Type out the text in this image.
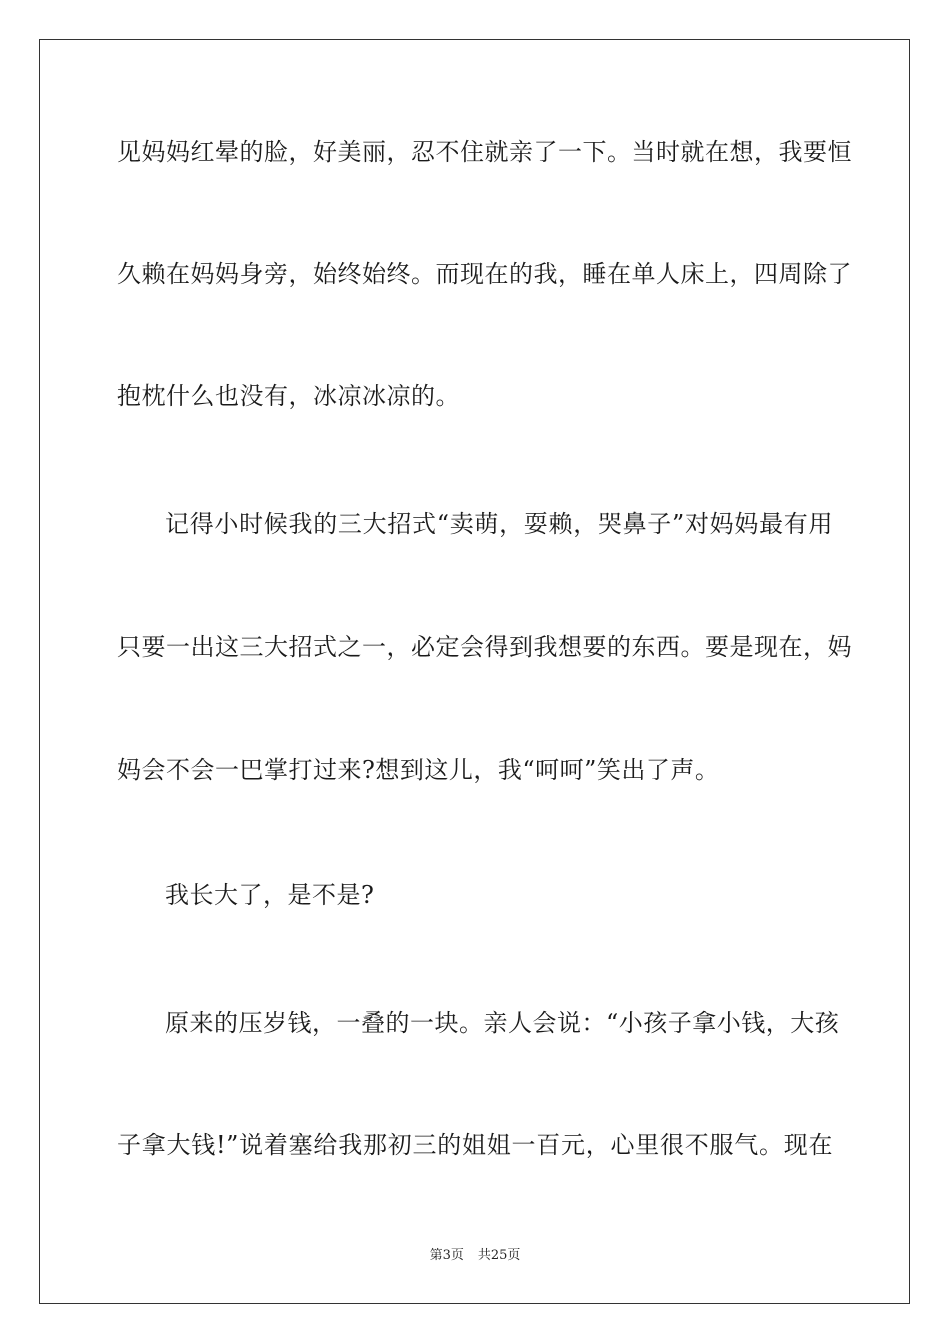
见妈妈红晕的脸，好美丽，忍不住就亲了一下。当时就在想，我要恒
久赖在妈妈身旁，始终始终。而现在的我，睡在单人床上，四周除了
抱枕什么也没有，冰凉冰凉的。
记得小时候我的三大招式“卖萌，耍赖，哭鼻子”对妈妈最有用
只要一出这三大招式之一，必定会得到我想要的东西。要是现在，妈
妈会不会一巴掌打过来?想到这儿，我“呵呵”笑出了声。
我长大了，是不是?
原来的压岁钱，一叠的一块。亲人会说：“小孩子拿小钱，大孩
子拿大钱!”说着塞给我那初三的姐姐一百元，心里很不服气。现在
第3页 共25页
